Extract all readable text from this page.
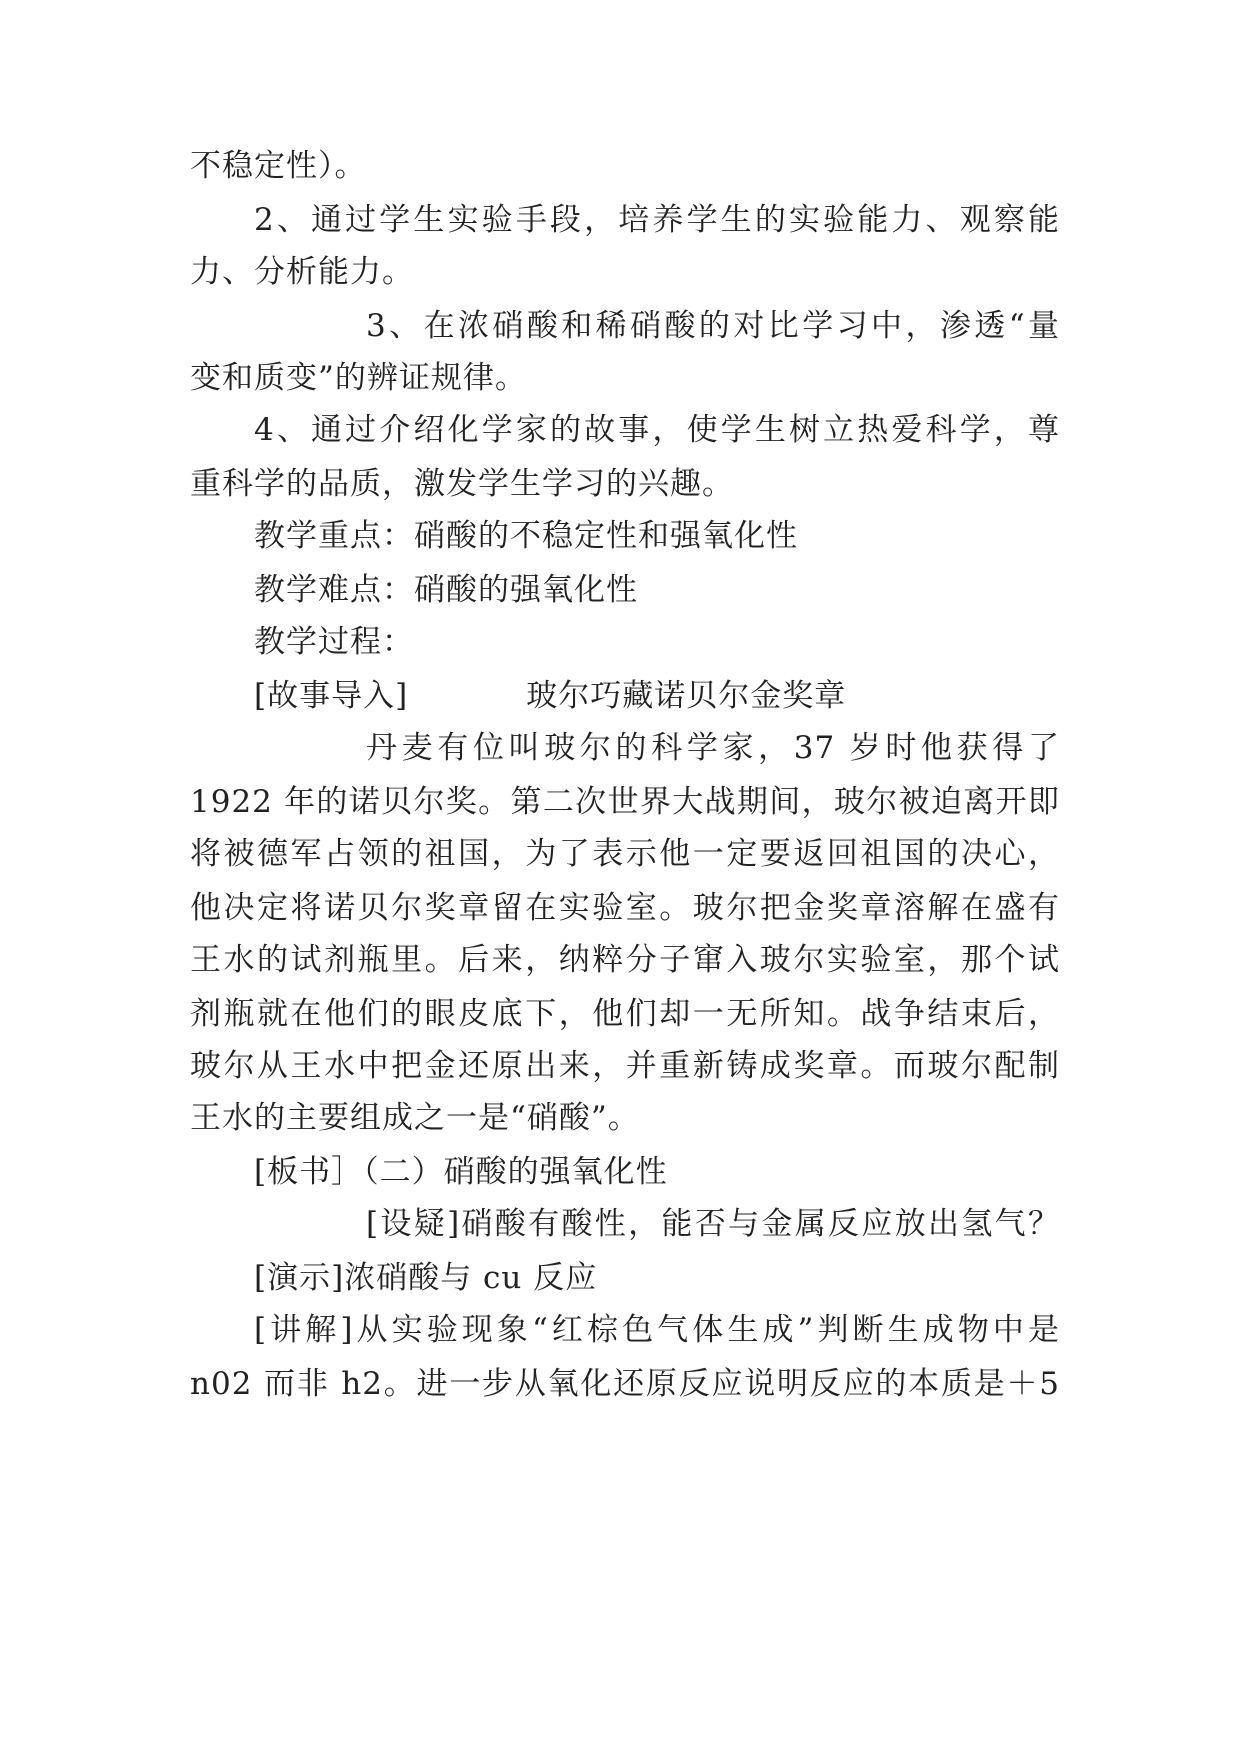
不稳定性）。
2、通过学生实验手段，培养学生的实验能力、观察能
力、分析能力。
3、在浓硝酸和稀硝酸的对比学习中，渗透“量
变和质变”的辨证规律。
4、通过介绍化学家的故事，使学生树立热爱科学，尊
重科学的品质，激发学生学习的兴趣。
教学重点：硝酸的不稳定性和强氧化性
教学难点：硝酸的强氧化性
教学过程：
[故事导入]	玻尔巧藏诺贝尔金奖章
丹麦有位叫玻尔的科学家，37 岁时他获得了
1922 年的诺贝尔奖。第二次世界大战期间，玻尔被迫离开即
将被德军占领的祖国，为了表示他一定要返回祖国的决心，
他决定将诺贝尔奖章留在实验室。玻尔把金奖章溶解在盛有
王水的试剂瓶里。后来，纳粹分子窜入玻尔实验室，那个试
剂瓶就在他们的眼皮底下，他们却一无所知。战争结束后，
玻尔从王水中把金还原出来，并重新铸成奖章。而玻尔配制
王水的主要组成之一是“硝酸”。
[板书］（二）硝酸的强氧化性
[设疑]硝酸有酸性，能否与金属反应放出氢气？
[演示]浓硝酸与 cu 反应
[讲解]从实验现象“红棕色气体生成”判断生成物中是
n02 而非 h2。进一步从氧化还原反应说明反应的本质是＋5
